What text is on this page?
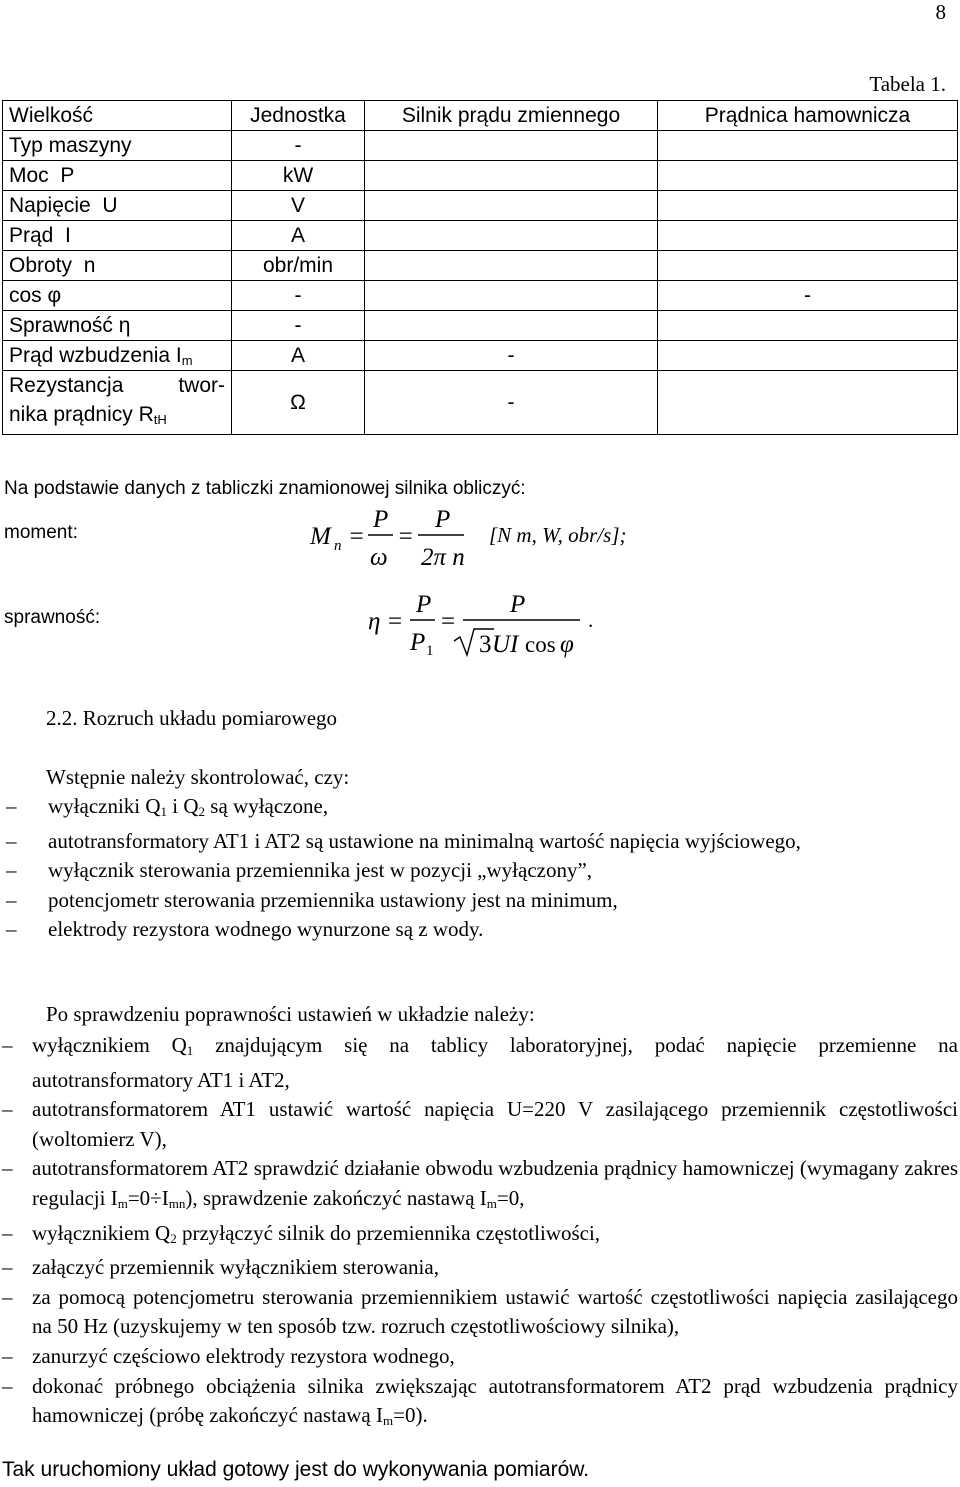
8
Tabela 1.
Wielkość	Jednostka	Silnik prądu zmiennego	Prądnica hamownicza
Typ maszyny	-		
Moc  P	kW		
Napięcie  U	V		
Prąd  I	A		
Obroty  n	obr/min		
cos φ	-		-
Sprawność η	-		
Prąd wzbudzenia $I_m$	A	-	

Rezystancja twor-
nika prądnicy $R_{tH}$	Ω	-	
Na podstawie danych z tabliczki znamionowej silnika obliczyć:
moment:	M n =
P
ω
=
P
2π n
[N m, W, obr/s];
sprawność:	η =
P
P 1
=
P
3 UI cos φ
.
2.2. Rozruch układu pomiarowego
Wstępnie należy skontrolować, czy:
– wyłączniki $Q_1$ i $Q_2$ są wyłączone,
– autotransformatory AT1 i AT2 są ustawione na minimalną wartość napięcia wyjściowego,
– wyłącznik sterowania przemiennika jest w pozycji „wyłączony”,
– potencjometr sterowania przemiennika ustawiony jest na minimum,
– elektrody rezystora wodnego wynurzone są z wody.
Po sprawdzeniu poprawności ustawień w układzie należy:
– wyłącznikiem $Q_1$ znajdującym się na tablicy laboratoryjnej, podać napięcie przemienne na autotransformatory AT1 i AT2,
– autotransformatorem AT1 ustawić wartość napięcia U=220 V zasilającego przemiennik częstotliwości (woltomierz V),
– autotransformatorem AT2 sprawdzić działanie obwodu wzbudzenia prądnicy hamowniczej (wymagany zakres regulacji $I_m=0\div I_{mn}$), sprawdzenie zakończyć nastawą $I_m=0$,
– wyłącznikiem $Q_2$ przyłączyć silnik do przemiennika częstotliwości,
– załączyć przemiennik wyłącznikiem sterowania,
– za pomocą potencjometru sterowania przemiennikiem ustawić wartość częstotliwości napięcia zasilającego na 50 Hz (uzyskujemy w ten sposób tzw. rozruch częstotliwościowy silnika),
– zanurzyć częściowo elektrody rezystora wodnego,
– dokonać próbnego obciążenia silnika zwiększając autotransformatorem AT2 prąd wzbudzenia prądnicy hamowniczej (próbę zakończyć nastawą $I_m=0$).
Tak uruchomiony układ gotowy jest do wykonywania pomiarów.
